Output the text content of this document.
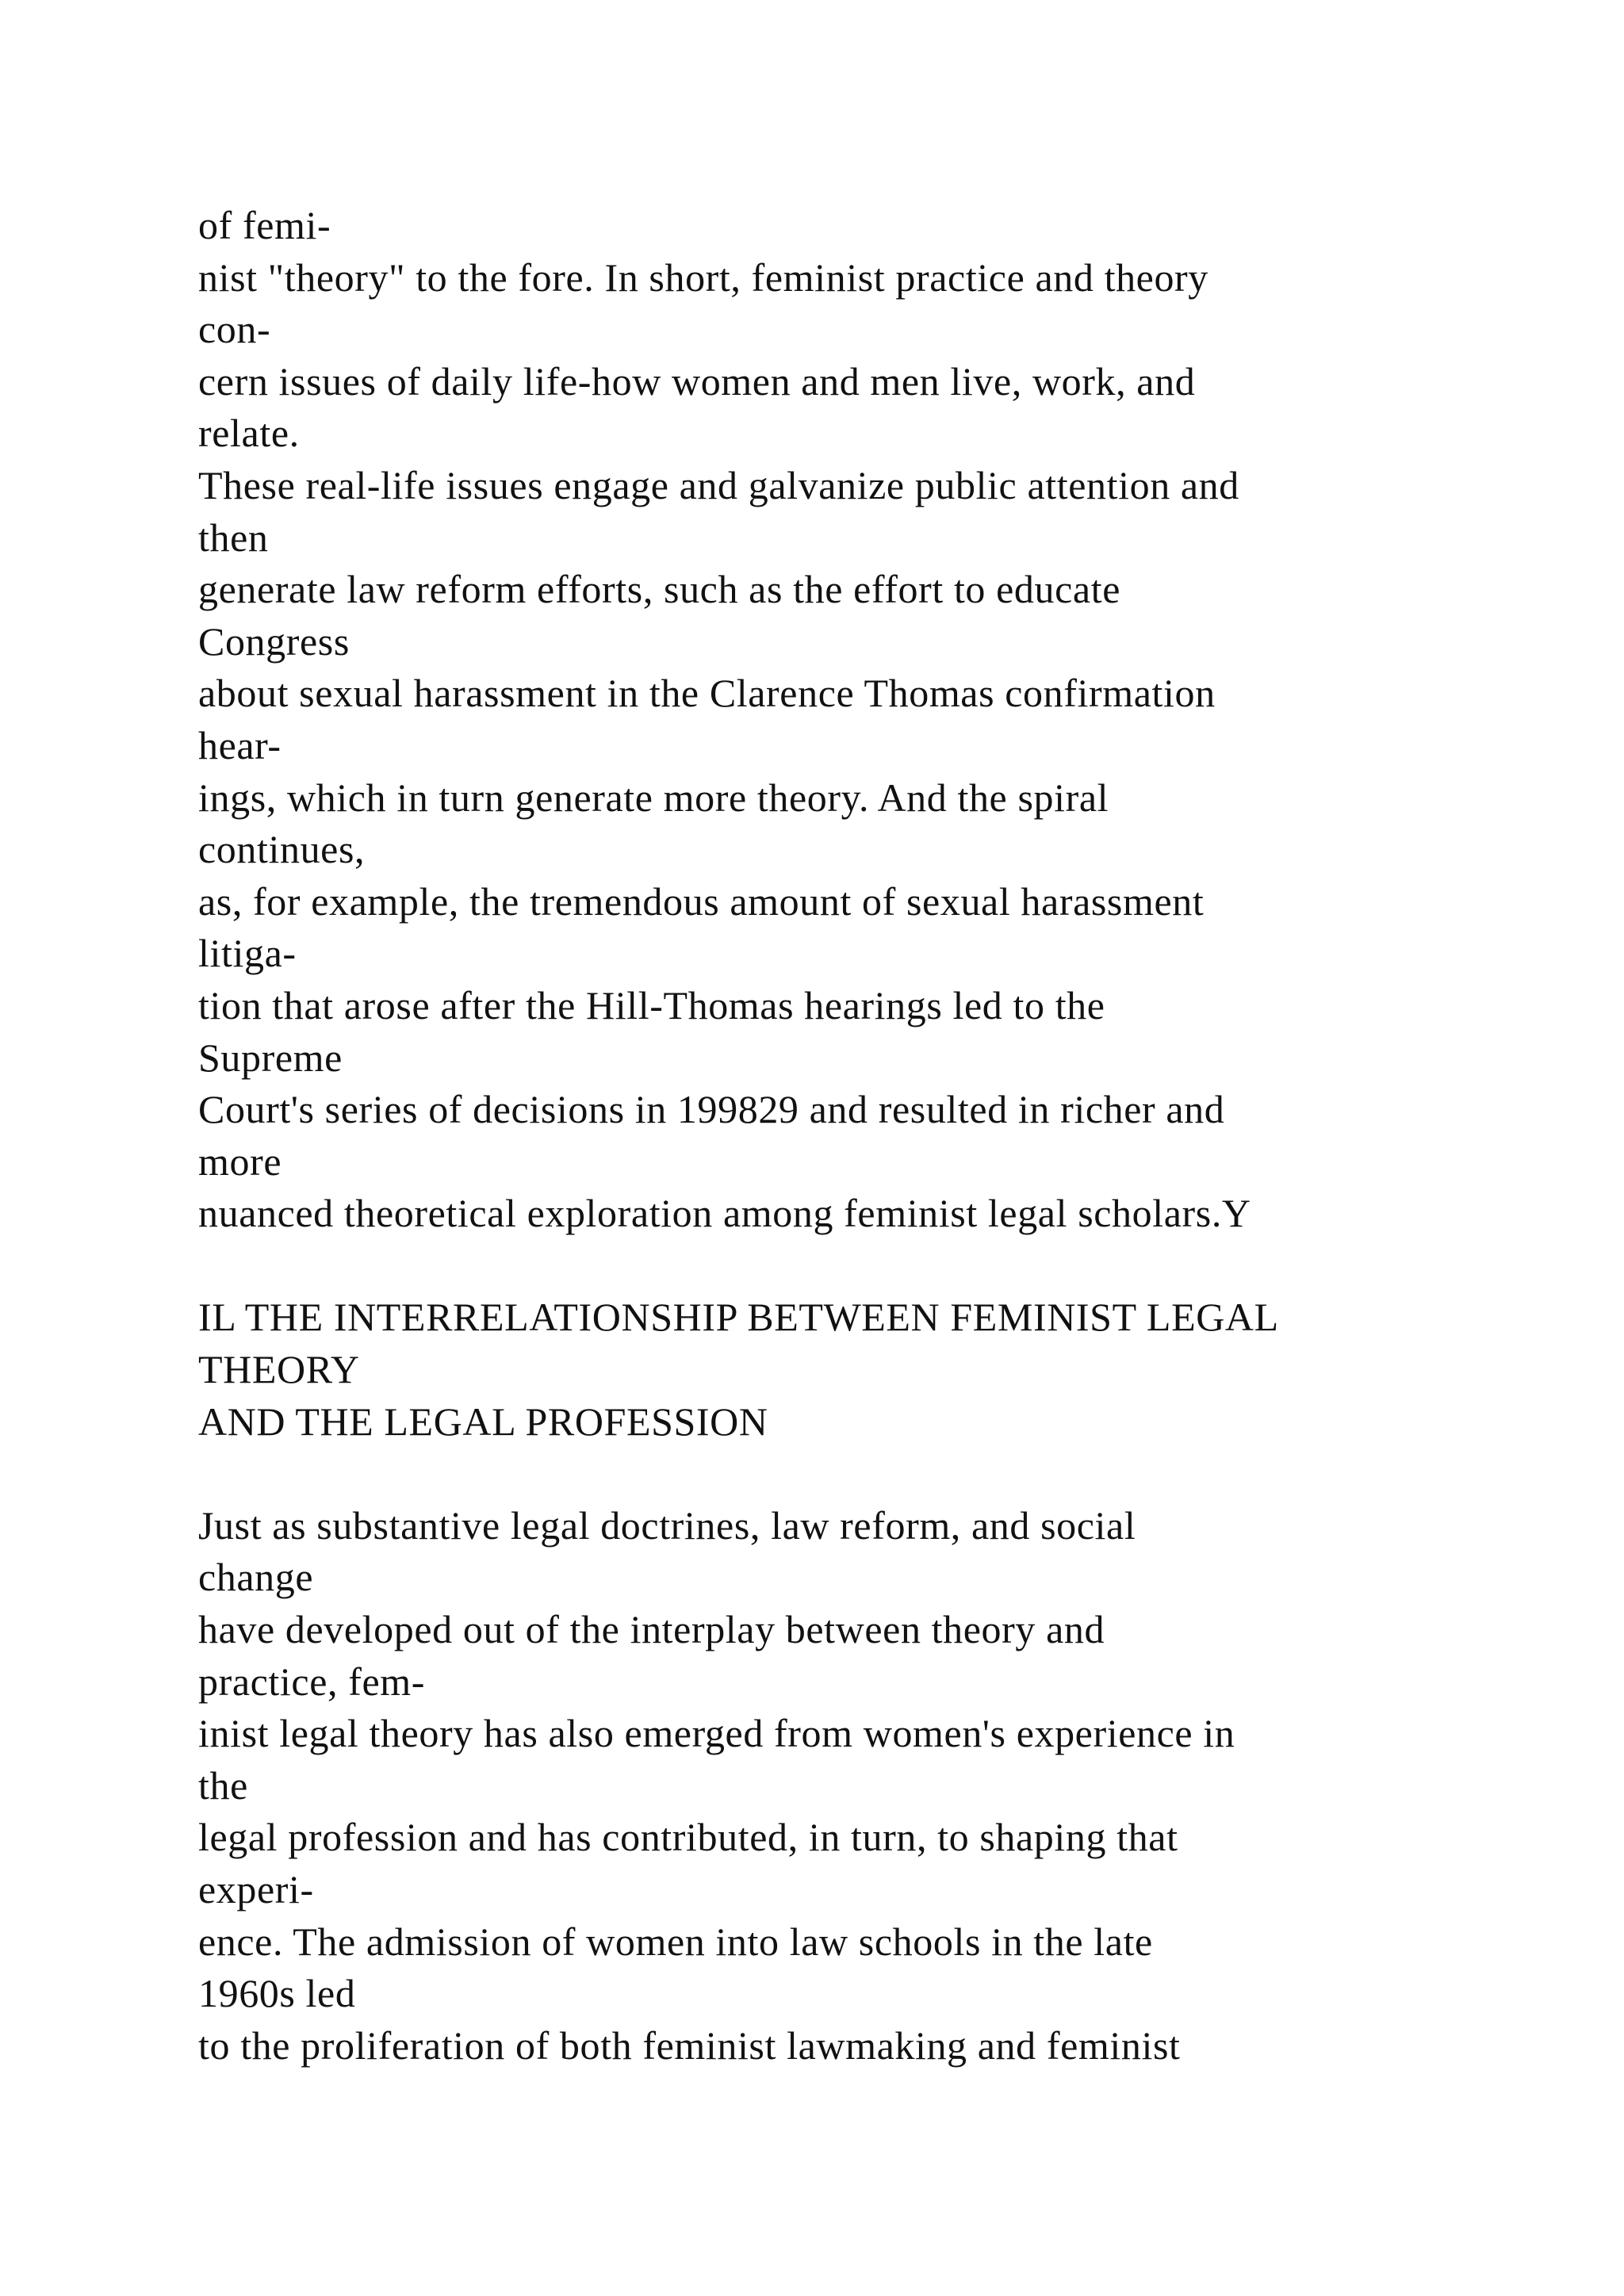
of femi-
nist "theory" to the fore. In short, feminist practice and theory
con-
cern issues of daily life-how women and men live, work, and
relate.
These real-life issues engage and galvanize public attention and
then
generate law reform efforts, such as the effort to educate
Congress
about sexual harassment in the Clarence Thomas confirmation
hear-
ings, which in turn generate more theory. And the spiral
continues,
as, for example, the tremendous amount of sexual harassment
litiga-
tion that arose after the Hill-Thomas hearings led to the
Supreme
Court's series of decisions in 199829 and resulted in richer and
more
nuanced theoretical exploration among feminist legal scholars.Y
IL THE INTERRELATIONSHIP BETWEEN FEMINIST LEGAL
THEORY
AND THE LEGAL PROFESSION
Just as substantive legal doctrines, law reform, and social
change
have developed out of the interplay between theory and
practice, fem-
inist legal theory has also emerged from women's experience in
the
legal profession and has contributed, in turn, to shaping that
experi-
ence. The admission of women into law schools in the late
1960s led
to the proliferation of both feminist lawmaking and feminist
